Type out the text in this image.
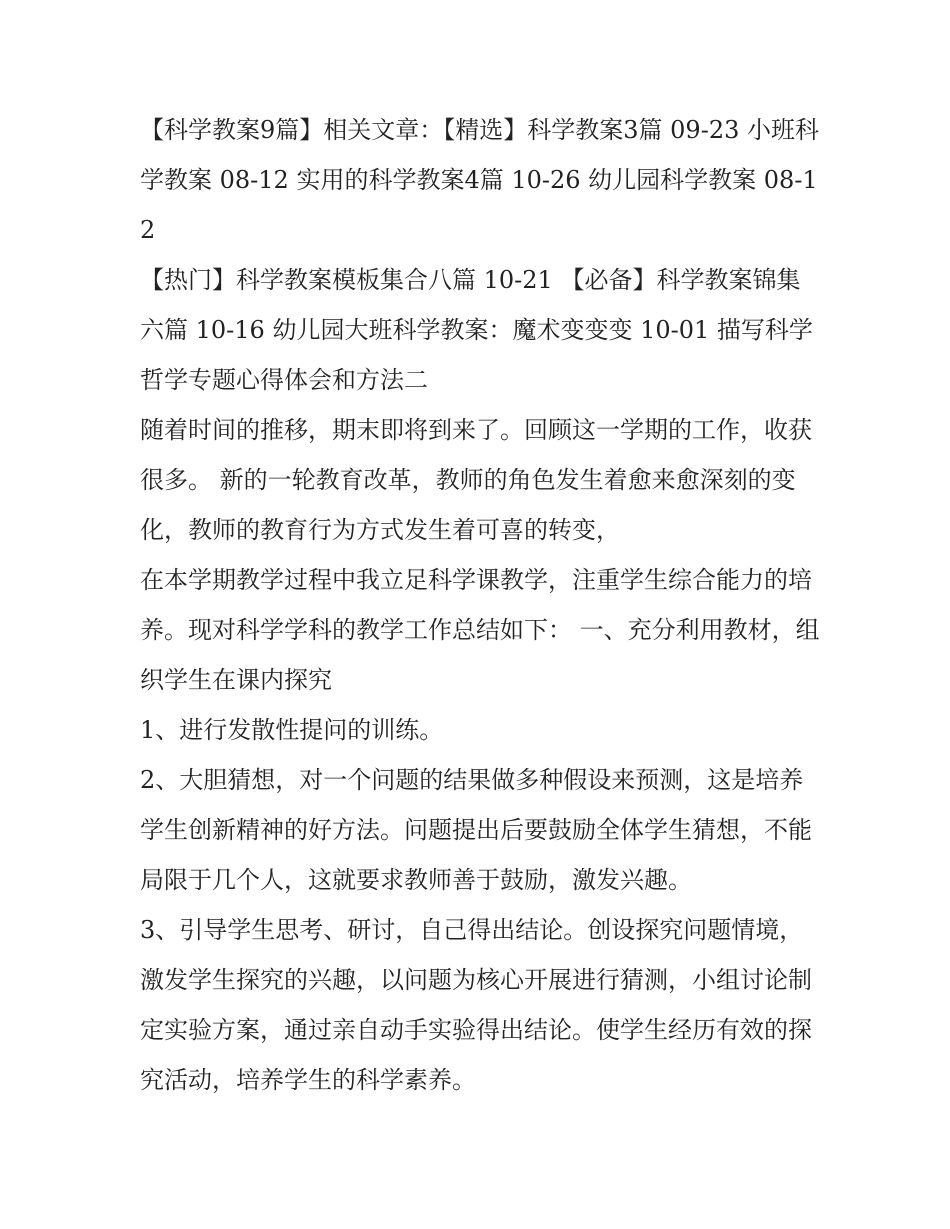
【科学教案9篇】相关文章：【精选】科学教案3篇 09-23 小班科学教案 08-12 实用的科学教案4篇 10-26 幼儿园科学教案 08-12

【热门】科学教案模板集合八篇 10-21 【必备】科学教案锦集六篇 10-16 幼儿园大班科学教案：魔术变变变 10-01 描写科学哲学专题心得体会和方法二

随着时间的推移，期末即将到来了。回顾这一学期的工作，收获很多。 新的一轮教育改革，教师的角色发生着愈来愈深刻的变化，教师的教育行为方式发生着可喜的转变，

在本学期教学过程中我立足科学课教学，注重学生综合能力的培养。现对科学学科的教学工作总结如下： 一、充分利用教材，组织学生在课内探究

1、进行发散性提问的训练。

2、大胆猜想，对一个问题的结果做多种假设来预测，这是培养学生创新精神的好方法。问题提出后要鼓励全体学生猜想，不能局限于几个人，这就要求教师善于鼓励，激发兴趣。

3、引导学生思考、研讨，自己得出结论。创设探究问题情境，激发学生探究的兴趣，以问题为核心开展进行猜测，小组讨论制定实验方案，通过亲自动手实验得出结论。使学生经历有效的探究活动，培养学生的科学素养。
